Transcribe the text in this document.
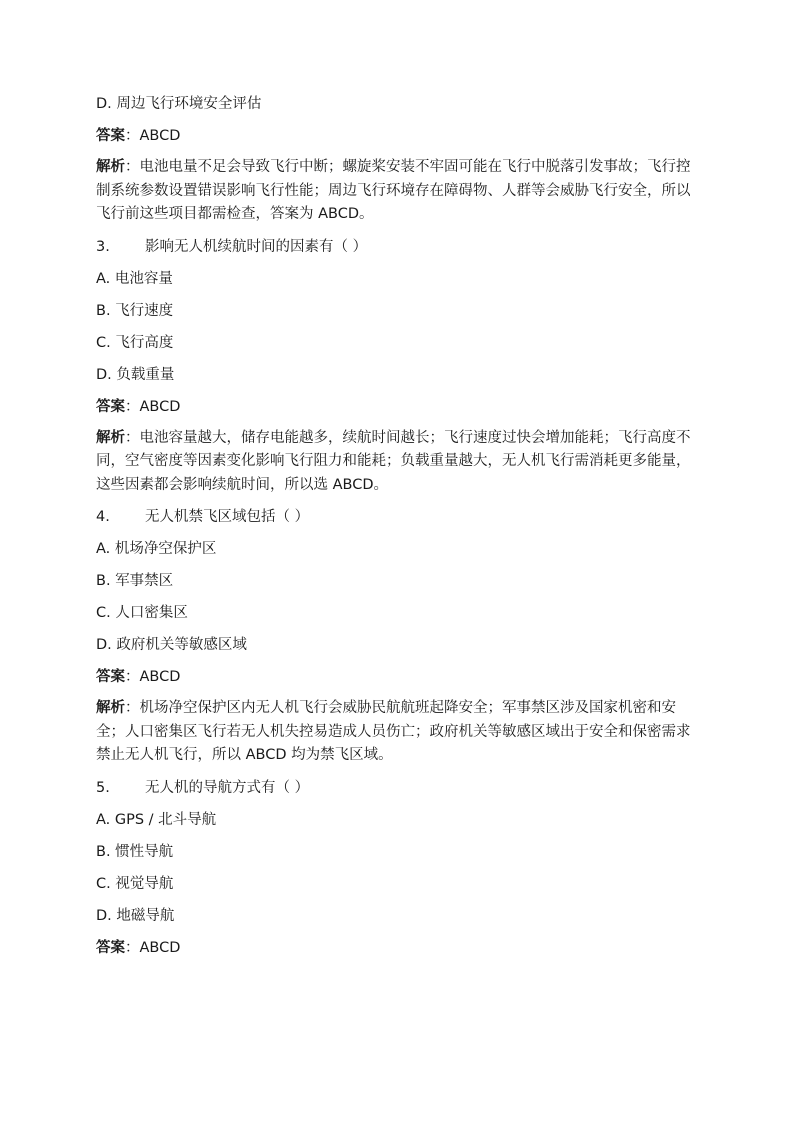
D. 周边飞行环境安全评估
答案：ABCD
解析：电池电量不足会导致飞行中断；螺旋桨安装不牢固可能在飞行中脱落引发事故；飞行控
制系统参数设置错误影响飞行性能；周边飞行环境存在障碍物、人群等会威胁飞行安全，所以
飞行前这些项目都需检查，答案为 ABCD。
3. 影响无人机续航时间的因素有（ ）
A. 电池容量
B. 飞行速度
C. 飞行高度
D. 负载重量
答案：ABCD
解析：电池容量越大，储存电能越多，续航时间越长；飞行速度过快会增加能耗；飞行高度不
同，空气密度等因素变化影响飞行阻力和能耗；负载重量越大，无人机飞行需消耗更多能量，
这些因素都会影响续航时间，所以选 ABCD。
4. 无人机禁飞区域包括（ ）
A. 机场净空保护区
B. 军事禁区
C. 人口密集区
D. 政府机关等敏感区域
答案：ABCD
解析：机场净空保护区内无人机飞行会威胁民航航班起降安全；军事禁区涉及国家机密和安
全；人口密集区飞行若无人机失控易造成人员伤亡；政府机关等敏感区域出于安全和保密需求
禁止无人机飞行，所以 ABCD 均为禁飞区域。
5. 无人机的导航方式有（ ）
A. GPS / 北斗导航
B. 惯性导航
C. 视觉导航
D. 地磁导航
答案：ABCD
